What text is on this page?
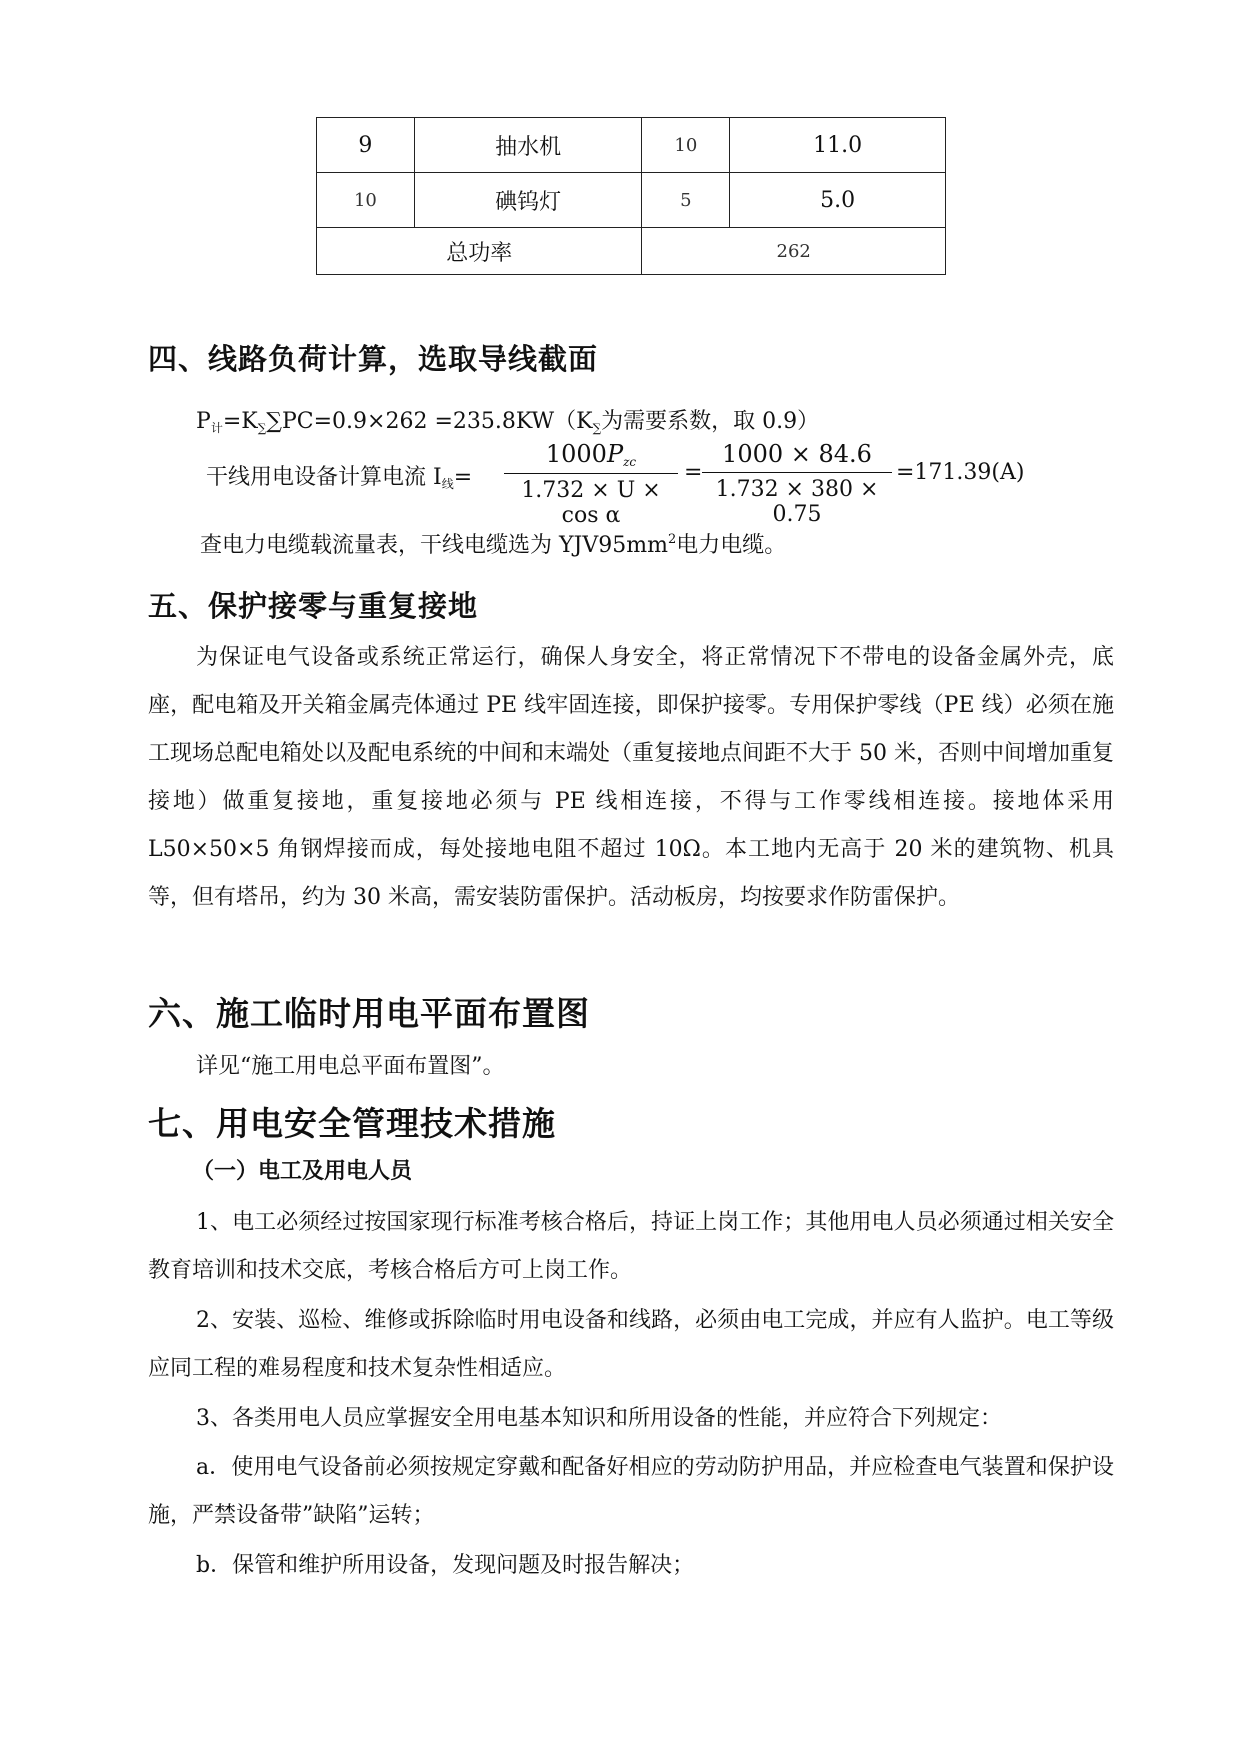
9	抽水机	10	11.0
10	碘钨灯	5	5.0
总功率		262	
四、线路负荷计算，选取导线截面
$P_计=K_\sum\sum PC=0.9\times 262 =235.8KW(K_\sum$为需要系数，取 0.9）
干线用电设备计算电流 $I_线=$
$1000P_{zc}$
1.732 × U × cos α
= $\frac{1000 \times 84.6}{1.732 \times 380 \times 0.75} =171.39(A)$
查电力电缆载流量表，干线电缆选为 $YJV95mm^2$电力电缆。
五、保护接零与重复接地
为保证电气设备或系统正常运行，确保人身安全，将正常情况下不带电的设备金属外壳，底座，配电箱及开关箱金属壳体通过 PE 线牢固连接，即保护接零。专用保护零线（PE 线）必须在施工现场总配电箱处以及配电系统的中间和末端处（重复接地点间距不大于 50 米，否则中间增加重复接地）做重复接地，重复接地必须与 PE 线相连接，不得与工作零线相连接。接地体采用 L50×50×5 角钢焊接而成，每处接地电阻不超过 10Ω。本工地内无高于 20 米的建筑物、机具等，但有塔吊，约为 30 米高，需安装防雷保护。活动板房，均按要求作防雷保护。
六、施工临时用电平面布置图
详见“施工用电总平面布置图”。
七、用电安全管理技术措施
（一）电工及用电人员
1、电工必须经过按国家现行标准考核合格后，持证上岗工作；其他用电人员必须通过相关安全教育培训和技术交底，考核合格后方可上岗工作。
2、安装、巡检、维修或拆除临时用电设备和线路，必须由电工完成，并应有人监护。电工等级应同工程的难易程度和技术复杂性相适应。
3、各类用电人员应掌握安全用电基本知识和所用设备的性能，并应符合下列规定：
a．使用电气设备前必须按规定穿戴和配备好相应的劳动防护用品，并应检查电气装置和保护设施，严禁设备带”缺陷”运转；
b．保管和维护所用设备，发现问题及时报告解决；
